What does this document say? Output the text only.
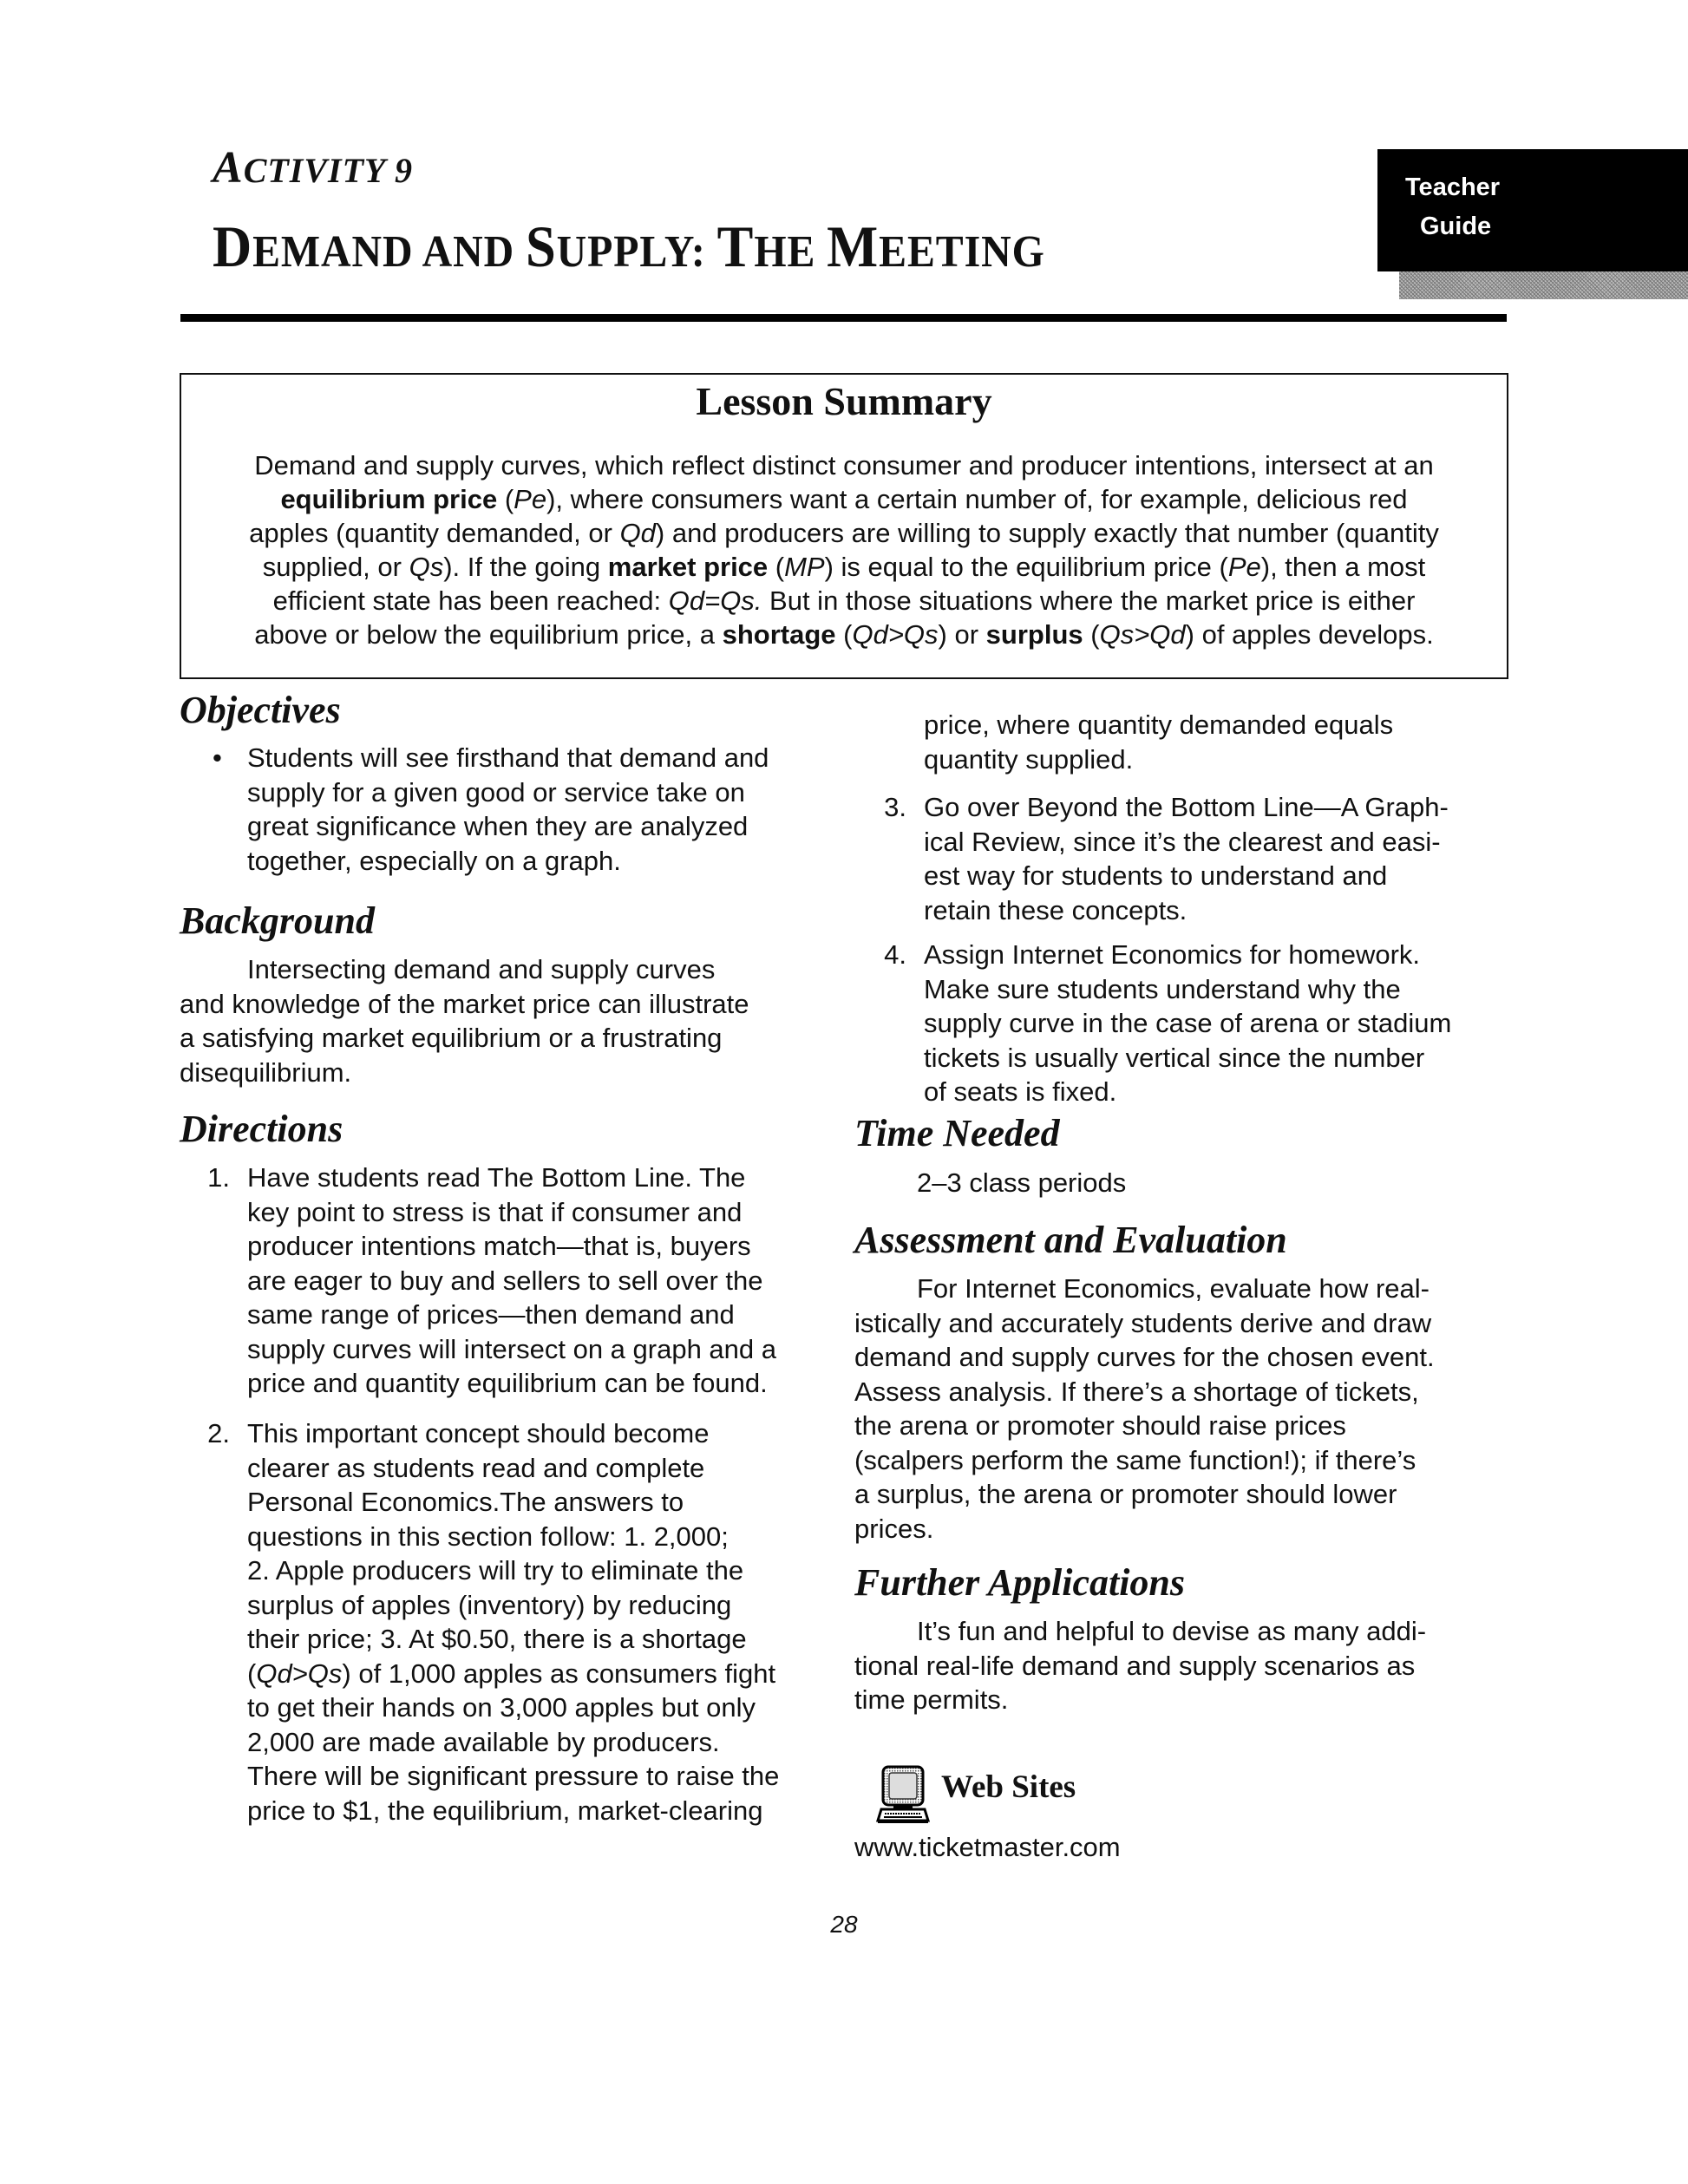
ACTIVITY 9
DEMAND AND SUPPLY: THE MEETING
Teacher
Guide
Lesson Summary
Demand and supply curves, which reflect distinct consumer and producer intentions, intersect at an
equilibrium price (Pe), where consumers want a certain number of, for example, delicious red
apples (quantity demanded, or Qd) and producers are willing to supply exactly that number (quantity
supplied, or Qs). If the going market price (MP) is equal to the equilibrium price (Pe), then a most
efficient state has been reached: Qd=Qs. But in those situations where the market price is either
above or below the equilibrium price, a shortage (Qd>Qs) or surplus (Qs>Qd) of apples develops.
Objectives
• Students will see firsthand that demand and
supply for a given good or service take on
great significance when they are analyzed
together, especially on a graph.
Background
Intersecting demand and supply curves
and knowledge of the market price can illustrate
a satisfying market equilibrium or a frustrating
disequilibrium.
Directions
1. Have students read The Bottom Line. The
key point to stress is that if consumer and
producer intentions match—that is, buyers
are eager to buy and sellers to sell over the
same range of prices—then demand and
supply curves will intersect on a graph and a
price and quantity equilibrium can be found.
2. This important concept should become
clearer as students read and complete
Personal Economics.The answers to
questions in this section follow: 1. 2,000;
2. Apple producers will try to eliminate the
surplus of apples (inventory) by reducing
their price; 3. At $0.50, there is a shortage
(Qd>Qs) of 1,000 apples as consumers fight
to get their hands on 3,000 apples but only
2,000 are made available by producers.
There will be significant pressure to raise the
price to $1, the equilibrium, market-clearing
price, where quantity demanded equals
quantity supplied.
3. Go over Beyond the Bottom Line—A Graph-
ical Review, since it’s the clearest and easi-
est way for students to understand and
retain these concepts.
4. Assign Internet Economics for homework.
Make sure students understand why the
supply curve in the case of arena or stadium
tickets is usually vertical since the number
of seats is fixed.
Time Needed
2–3 class periods
Assessment and Evaluation
For Internet Economics, evaluate how real-
istically and accurately students derive and draw
demand and supply curves for the chosen event.
Assess analysis. If there’s a shortage of tickets,
the arena or promoter should raise prices
(scalpers perform the same function!); if there’s
a surplus, the arena or promoter should lower
prices.
Further Applications
It’s fun and helpful to devise as many addi-
tional real-life demand and supply scenarios as
time permits.
Web Sites
www.ticketmaster.com
28
